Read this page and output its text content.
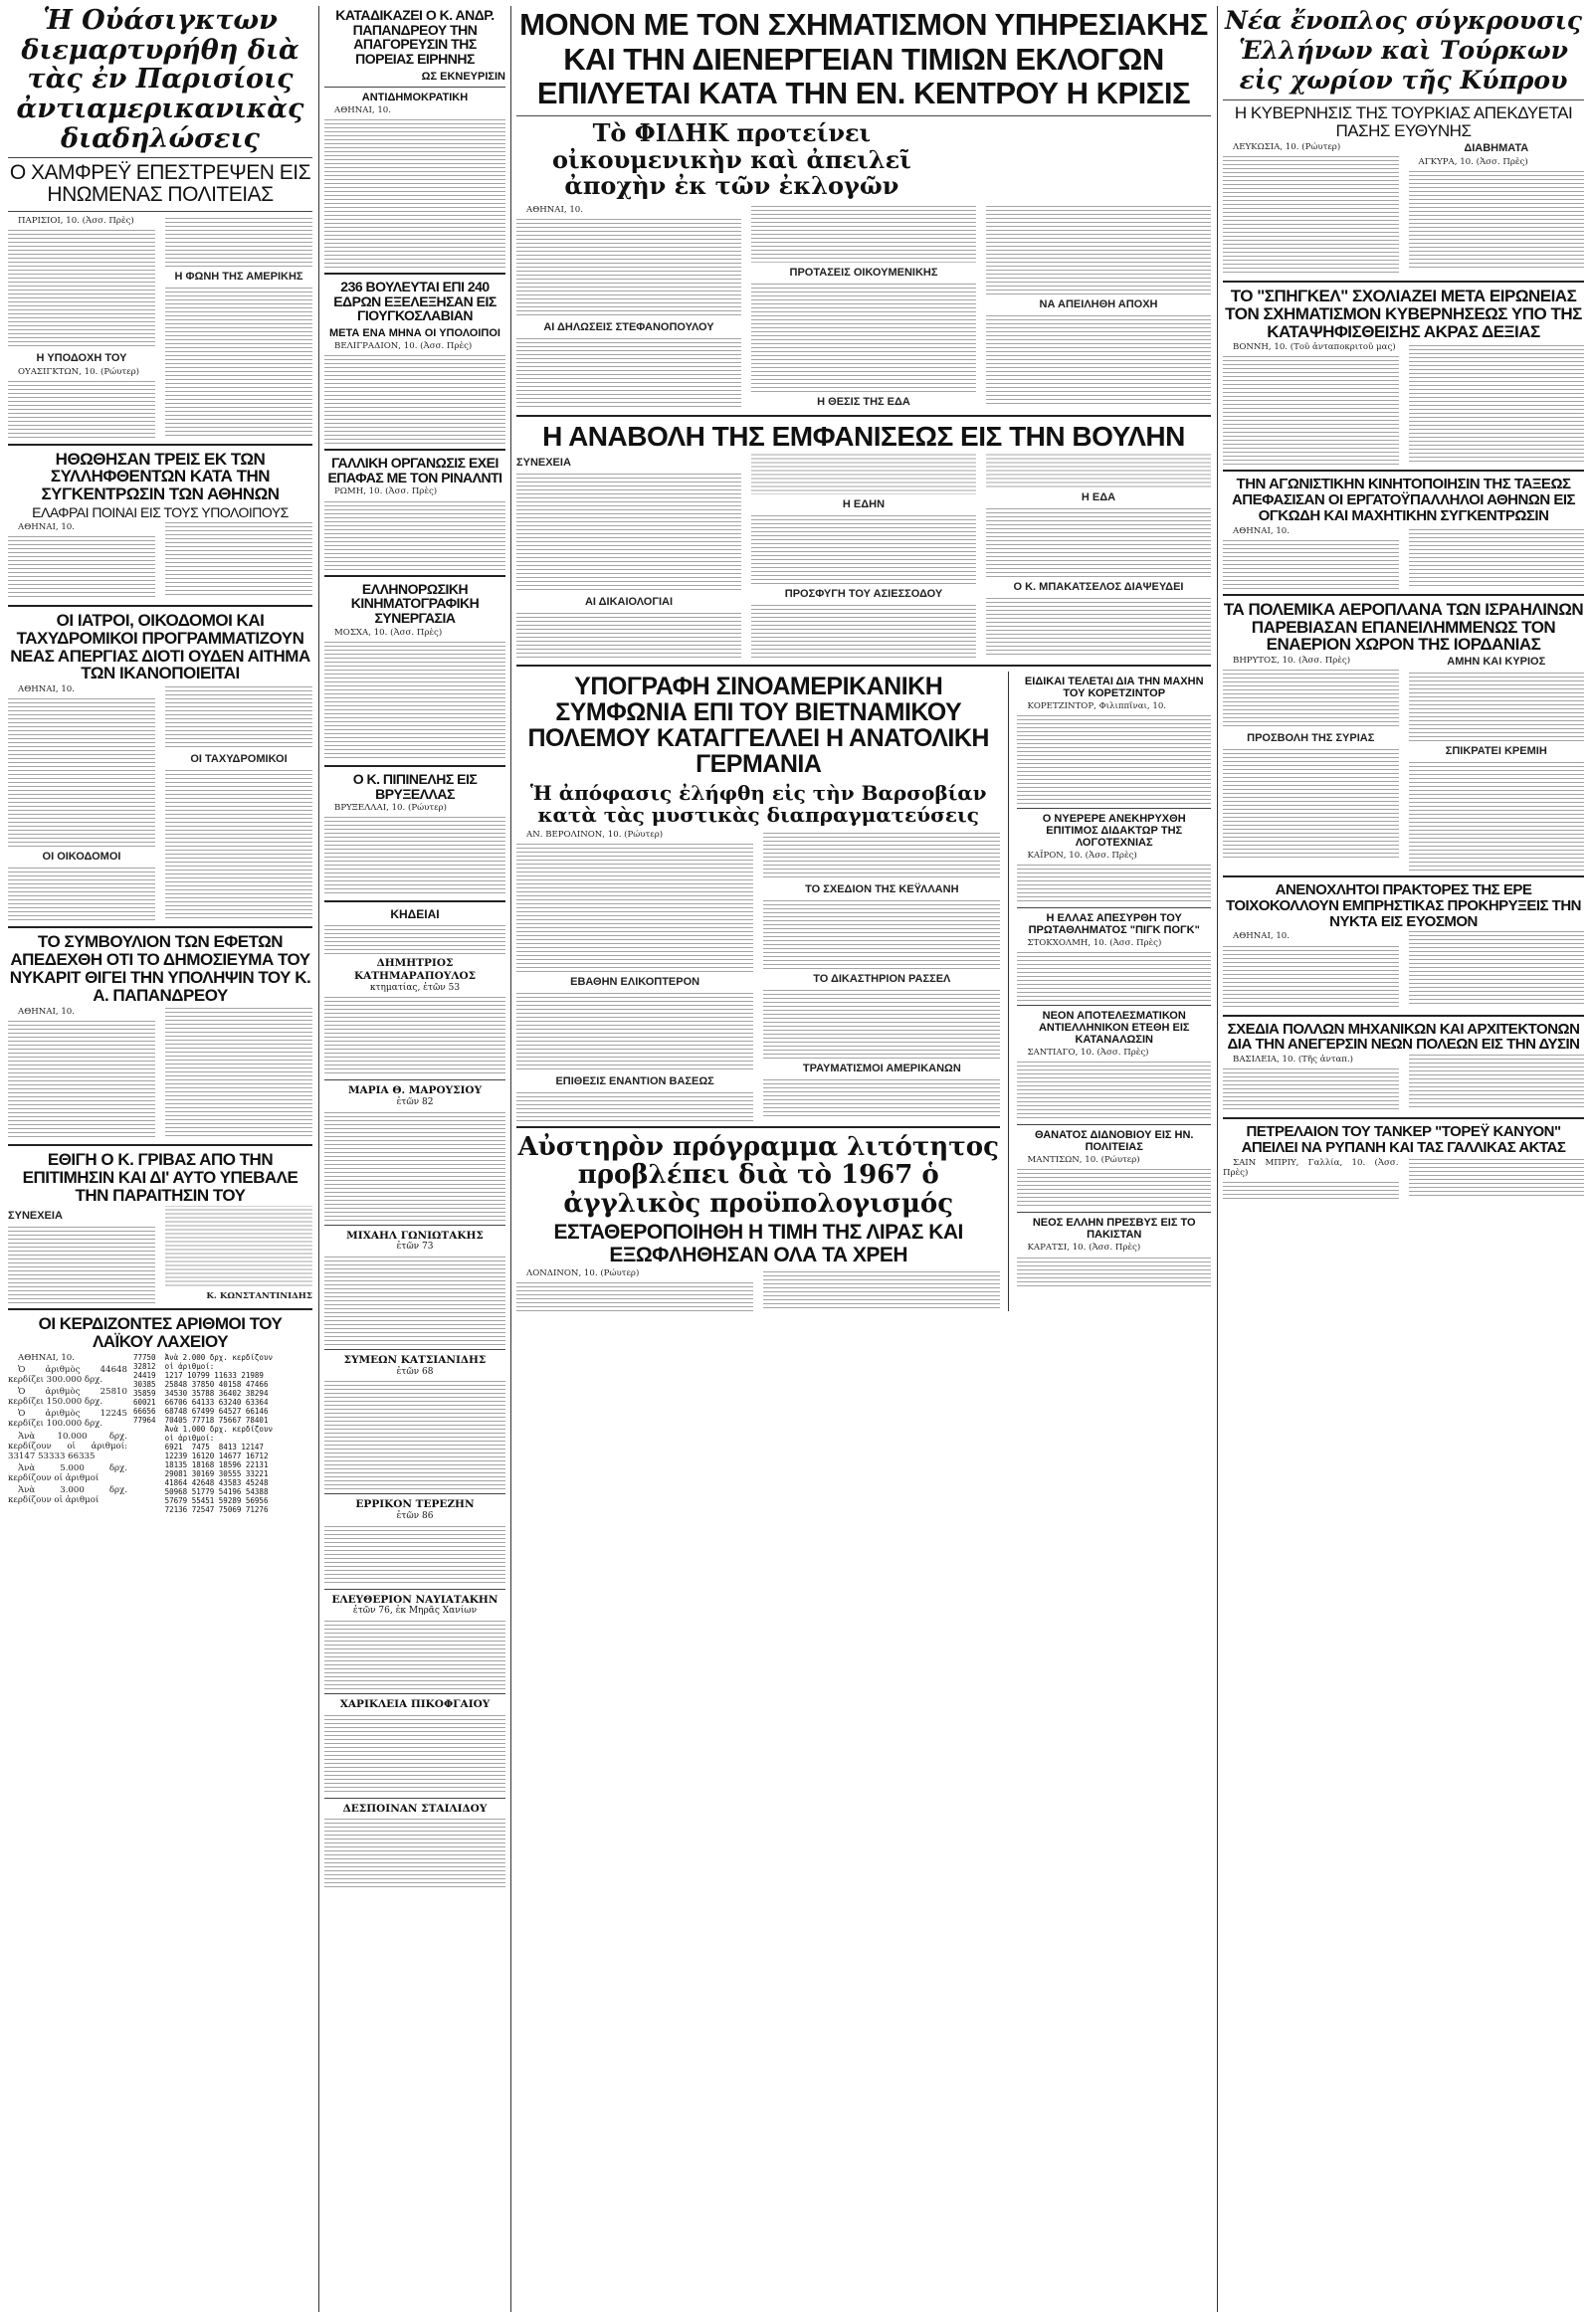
Ἡ Οὐάσιγκτων διεμαρτυρήθη διὰ τὰς ἐν Παρισίοις ἀντιαμερικανικὰς διαδηλώσεις
Ο ΧΑΜΦΡΕΫ ΕΠΕΣΤΡΕΨΕΝ ΕΙΣ ΗΝΩΜΕΝΑΣ ΠΟΛΙΤΕΙΑΣ

ΠΑΡΙΣΙΟΙ, 10. (Ἀσσ. Πρὲς)

Η ΥΠΟΔΟΧΗ ΤΟΥ

ΟΥΑΣΙΓΚΤΩΝ, 10. (Ρώυτερ)

Η ΦΩΝΗ ΤΗΣ ΑΜΕΡΙΚΗΣ
ΗΘΩΘΗΣΑΝ ΤΡΕΙΣ ΕΚ ΤΩΝ ΣΥΛΛΗΦΘΕΝΤΩΝ ΚΑΤΑ ΤΗΝ ΣΥΓΚΕΝΤΡΩΣΙΝ ΤΩΝ ΑΘΗΝΩΝ
ΕΛΑΦΡΑΙ ΠΟΙΝΑΙ ΕΙΣ ΤΟΥΣ ΥΠΟΛΟΙΠΟΥΣ

ΑΘΗΝΑΙ, 10.

ΟΙ ΙΑΤΡΟΙ, ΟΙΚΟΔΟΜΟΙ ΚΑΙ ΤΑΧΥΔΡΟΜΙΚΟΙ ΠΡΟΓΡΑΜΜΑΤΙΖΟΥΝ ΝΕΑΣ ΑΠΕΡΓΙΑΣ ΔΙΟΤΙ ΟΥΔΕΝ ΑΙΤΗΜΑ ΤΩΝ ΙΚΑΝΟΠΟΙΕΙΤΑΙ

ΑΘΗΝΑΙ, 10.

ΟΙ ΟΙΚΟΔΟΜΟΙ
ΟΙ ΤΑΧΥΔΡΟΜΙΚΟΙ
ΤΟ ΣΥΜΒΟΥΛΙΟΝ ΤΩΝ ΕΦΕΤΩΝ ΑΠΕΔΕΧΘΗ ΟΤΙ ΤΟ ΔΗΜΟΣΙΕΥΜΑ ΤΟΥ ΝΥΚΑΡΙΤ ΘΙΓΕΙ ΤΗΝ ΥΠΟΛΗΨΙΝ ΤΟΥ Κ. Α. ΠΑΠΑΝΔΡΕΟΥ

ΑΘΗΝΑΙ, 10.

ΕΘΙΓΗ Ο Κ. ΓΡΙΒΑΣ ΑΠΟ ΤΗΝ ΕΠΙΤΙΜΗΣΙΝ ΚΑΙ ΔΙ' ΑΥΤΟ ΥΠΕΒΑΛΕ ΤΗΝ ΠΑΡΑΙΤΗΣΙΝ ΤΟΥ
ΣΥΝΕΧΕΙΑ

Κ. ΚΩΝΣΤΑΝΤΙΝΙΔΗΣ

ΟΙ ΚΕΡΔΙΖΟΝΤΕΣ ΑΡΙΘΜΟΙ ΤΟΥ ΛΑΪΚΟΥ ΛΑΧΕΙΟΥ

ΑΘΗΝΑΙ, 10.

Ὁ ἀριθμὸς 44648 κερδίζει 300.000 δρχ.

Ὁ ἀριθμὸς 25810 κερδίζει 150.000 δρχ.

Ὁ ἀριθμὸς 12245 κερδίζει 100.000 δρχ.

Ἀνὰ 10.000 δρχ. κερδίζουν οἱ ἀριθμοί: 33147 53333 66335

Ἀνὰ 5.000 δρχ. κερδίζουν οἱ ἀριθμοί

Ἀνὰ 3.000 δρχ. κερδίζουν οἱ ἀριθμοί

77750  Ἀνὰ 2.000 δρχ. κερδίζουν
32812  οἱ ἀριθμοί:
24419  1217 10799 11633 21989
30385  25848 37850 40158 47466
35859  34530 35788 36402 38294
60021  66706 64133 63240 63364
66656  68748 67499 64527 66146
77964  70405 77718 75667 78401
Ἀνὰ 1.000 δρχ. κερδίζουν
οἱ ἀριθμοί:
6921  7475  8413 12147
12239 16120 14677 16712
18135 18168 18596 22131
29081 30169 30555 33221
41864 42648 43583 45248
50968 51779 54196 54388
57679 55451 59289 56956
72136 72547 75069 71276
ΚΑΤΑΔΙΚΑΖΕΙ Ο Κ. ΑΝΔΡ. ΠΑΠΑΝΔΡΕΟΥ ΤΗΝ ΑΠΑΓΟΡΕΥΣΙΝ ΤΗΣ ΠΟΡΕΙΑΣ ΕΙΡΗΝΗΣ
ΩΣ ΕΚΝΕΥΡΙΣΙΝ
ΑΝΤΙΔΗΜΟΚΡΑΤΙΚΗ

ΑΘΗΝΑΙ, 10.

236 ΒΟΥΛΕΥΤΑΙ ΕΠΙ 240 ΕΔΡΩΝ ΕΞΕΛΕΞΗΣΑΝ ΕΙΣ ΓΙΟΥΓΚΟΣΛΑΒΙΑΝ
ΜΕΤΑ ΕΝΑ ΜΗΝΑ ΟΙ ΥΠΟΛΟΙΠΟΙ

ΒΕΛΙΓΡΑΔΙΟΝ, 10. (Ἀσσ. Πρὲς)

ΓΑΛΛΙΚΗ ΟΡΓΑΝΩΣΙΣ ΕΧΕΙ ΕΠΑΦΑΣ ΜΕ ΤΟΝ ΡΙΝΑΛΝΤΙ

ΡΩΜΗ, 10. (Ἀσσ. Πρὲς)

ΕΛΛΗΝΟΡΩΣΙΚΗ ΚΙΝΗΜΑΤΟΓΡΑΦΙΚΗ ΣΥΝΕΡΓΑΣΙΑ

ΜΟΣΧΑ, 10. (Ἀσσ. Πρὲς)

Ο Κ. ΠΙΠΙΝΕΛΗΣ ΕΙΣ ΒΡΥΞΕΛΛΑΣ

ΒΡΥΞΕΛΛΑΙ, 10. (Ρώυτερ)

ΚΗΔΕΙΑΙ
ΔΗΜΗΤΡΙΟΣ ΚΑΤΗΜΑΡΑΠΟΥΛΟΣ
κτηματίας, ἐτῶν 53
ΜΑΡΙΑ Θ. ΜΑΡΟΥΣΙΟΥ
ἐτῶν 82
ΜΙΧΑΗΛ ΓΩΝΙΩΤΑΚΗΣ
ἐτῶν 73
ΣΥΜΕΩΝ ΚΑΤΣΙΑΝΙΔΗΣ
ἐτῶν 68
ΕΡΡΙΚΟΝ ΤΕΡΕΖΗΝ
ἐτῶν 86
ΕΛΕΥΘΕΡΙΟΝ ΝΑΥΙΑΤΑΚΗΝ
ἐτῶν 76, ἐκ Μηρᾶς Χανίων
ΧΑΡΙΚΛΕΙΑ ΠΙΚΟΦΓΑΙΟΥ
ΔΕΣΠΟΙΝΑΝ ΣΤΑΙΛΙΔΟΥ
ΜΟΝΟΝ ΜΕ ΤΟΝ ΣΧΗΜΑΤΙΣΜΟΝ ΥΠΗΡΕΣΙΑΚΗΣ ΚΑΙ ΤΗΝ ΔΙΕΝΕΡΓΕΙΑΝ ΤΙΜΙΩΝ ΕΚΛΟΓΩΝ ΕΠΙΛΥΕΤΑΙ ΚΑΤΑ ΤΗΝ ΕΝ. ΚΕΝΤΡΟΥ Η ΚΡΙΣΙΣ
Τὸ ΦΙΔΗΚ προτείνει οἰκουμενικὴν καὶ ἀπειλεῖ ἀποχὴν ἐκ τῶν ἐκλογῶν

ΑΘΗΝΑΙ, 10.

ΑΙ ΔΗΛΩΣΕΙΣ ΣΤΕΦΑΝΟΠΟΥΛΟΥ
ΠΡΟΤΑΣΕΙΣ ΟΙΚΟΥΜΕΝΙΚΗΣ
Η ΘΕΣΙΣ ΤΗΣ ΕΔΑ
ΝΑ ΑΠΕΙΛΗΘΗ ΑΠΟΧΗ
Η ΑΝΑΒΟΛΗ ΤΗΣ ΕΜΦΑΝΙΣΕΩΣ ΕΙΣ ΤΗΝ ΒΟΥΛΗΝ
ΣΥΝΕΧΕΙΑ
ΑΙ ΔΙΚΑΙΟΛΟΓΙΑΙ
Η ΕΔΗΝ
ΠΡΟΣΦΥΓΗ ΤΟΥ ΑΣΙΕΣΣΟΔΟΥ
Η ΕΔΑ
Ο Κ. ΜΠΑΚΑΤΣΕΛΟΣ ΔΙΑΨΕΥΔΕΙ
ΥΠΟΓΡΑΦΗ ΣΙΝΟΑΜΕΡΙΚΑΝΙΚΗ ΣΥΜΦΩΝΙΑ ΕΠΙ ΤΟΥ ΒΙΕΤΝΑΜΙΚΟΥ ΠΟΛΕΜΟΥ ΚΑΤΑΓΓΕΛΛΕΙ Η ΑΝΑΤΟΛΙΚΗ ΓΕΡΜΑΝΙΑ
Ἡ ἀπόφασις ἐλήφθη εἰς τὴν Βαρσοβίαν κατὰ τὰς μυστικὰς διαπραγματεύσεις

ΑΝ. ΒΕΡΟΛΙΝΟΝ, 10. (Ρώυτερ)

ΕΒΑΘΗΝ ΕΛΙΚΟΠΤΕΡΟΝ
ΕΠΙΘΕΣΙΣ ΕΝΑΝΤΙΟΝ ΒΑΣΕΩΣ
ΤΟ ΣΧΕΔΙΟΝ ΤΗΣ ΚΕΫΛΛΑΝΗ
ΤΟ ΔΙΚΑΣΤΗΡΙΟΝ ΡΑΣΣΕΛ
ΤΡΑΥΜΑΤΙΣΜΟΙ ΑΜΕΡΙΚΑΝΩΝ
Αὐστηρὸν πρόγραμμα λιτότητος προβλέπει διὰ τὸ 1967 ὁ ἀγγλικὸς προϋπολογισμός
ΕΣΤΑΘΕΡΟΠΟΙΗΘΗ Η ΤΙΜΗ ΤΗΣ ΛΙΡΑΣ ΚΑΙ ΕΞΩΦΛΗΘΗΣΑΝ ΟΛΑ ΤΑ ΧΡΕΗ

ΛΟΝΔΙΝΟΝ, 10. (Ρώυτερ)

ΕΙΔΙΚΑΙ ΤΕΛΕΤΑΙ ΔΙΑ ΤΗΝ ΜΑΧΗΝ ΤΟΥ ΚΟΡΕΤΖΙΝΤΟΡ

ΚΟΡΕΤΖΙΝΤΟΡ, Φιλιππῖναι, 10.

Ο ΝΥΕΡΕΡΕ ΑΝΕΚΗΡΥΧΘΗ ΕΠΙΤΙΜΟΣ ΔΙΔΑΚΤΩΡ ΤΗΣ ΛΟΓΟΤΕΧΝΙΑΣ

ΚΑΪΡΟΝ, 10. (Ἀσσ. Πρὲς)

Η ΕΛΛΑΣ ΑΠΕΣΥΡΘΗ ΤΟΥ ΠΡΩΤΑΘΛΗΜΑΤΟΣ "ΠΙΓΚ ΠΟΓΚ"

ΣΤΟΚΧΟΛΜΗ, 10. (Ἀσσ. Πρὲς)

ΝΕΟΝ ΑΠΟΤΕΛΕΣΜΑΤΙΚΟΝ ΑΝΤΙΕΛΛΗΝΙΚΟΝ ΕΤΕΘΗ ΕΙΣ ΚΑΤΑΝΑΛΩΣΙΝ

ΣΑΝΤΙΑΓΟ, 10. (Ἀσσ. Πρὲς)

ΘΑΝΑΤΟΣ ΔΙΔΝΟΒΙΟΥ ΕΙΣ ΗΝ. ΠΟΛΙΤΕΙΑΣ

ΜΑΝΤΙΣΩΝ, 10. (Ρώυτερ)

ΝΕΟΣ ΕΛΛΗΝ ΠΡΕΣΒΥΣ ΕΙΣ ΤΟ ΠΑΚΙΣΤΑΝ

ΚΑΡΑΤΣΙ, 10. (Ἀσσ. Πρὲς)

Νέα ἔνοπλος σύγκρουσις Ἑλλήνων καὶ Τούρκων εἰς χωρίον τῆς Κύπρου
Η ΚΥΒΕΡΝΗΣΙΣ ΤΗΣ ΤΟΥΡΚΙΑΣ ΑΠΕΚΔΥΕΤΑΙ ΠΑΣΗΣ ΕΥΘΥΝΗΣ

ΛΕΥΚΩΣΙΑ, 10. (Ρώυτερ)	ΔΙΑΒΗΜΑΤΑ

ΑΓΚΥΡΑ, 10. (Ἀσσ. Πρὲς)

ΤΟ "ΣΠΗΓΚΕΛ" ΣΧΟΛΙΑΖΕΙ ΜΕΤΑ ΕΙΡΩΝΕΙΑΣ ΤΟΝ ΣΧΗΜΑΤΙΣΜΟΝ ΚΥΒΕΡΝΗΣΕΩΣ ΥΠΟ ΤΗΣ ΚΑΤΑΨΗΦΙΣΘΕΙΣΗΣ ΑΚΡΑΣ ΔΕΞΙΑΣ

ΒΟΝΝΗ, 10. (Τοῦ ἀνταποκριτοῦ μας)

ΤΗΝ ΑΓΩΝΙΣΤΙΚΗΝ ΚΙΝΗΤΟΠΟΙΗΣΙΝ ΤΗΣ ΤΑΞΕΩΣ ΑΠΕΦΑΣΙΣΑΝ ΟΙ ΕΡΓΑΤΟΫΠΑΛΛΗΛΟΙ ΑΘΗΝΩΝ ΕΙΣ ΟΓΚΩΔΗ ΚΑΙ ΜΑΧΗΤΙΚΗΝ ΣΥΓΚΕΝΤΡΩΣΙΝ

ΑΘΗΝΑΙ, 10.

ΤΑ ΠΟΛΕΜΙΚΑ ΑΕΡΟΠΛΑΝΑ ΤΩΝ ΙΣΡΑΗΛΙΝΩΝ ΠΑΡΕΒΙΑΣΑΝ ΕΠΑΝΕΙΛΗΜΜΕΝΩΣ ΤΟΝ ΕΝΑΕΡΙΟΝ ΧΩΡΟΝ ΤΗΣ ΙΟΡΔΑΝΙΑΣ

ΒΗΡΥΤΟΣ, 10. (Ἀσσ. Πρὲς)

ΠΡΟΣΒΟΛΗ ΤΗΣ ΣΥΡΙΑΣ
ΑΜΗΝ ΚΑΙ ΚΥΡΙΟΣ
ΣΠΙΚΡΑΤΕΙ ΚΡΕΜΙΗ
ΑΝΕΝΟΧΛΗΤΟΙ ΠΡΑΚΤΟΡΕΣ ΤΗΣ ΕΡΕ ΤΟΙΧΟΚΟΛΛΟΥΝ ΕΜΠΡΗΣΤΙΚΑΣ ΠΡΟΚΗΡΥΞΕΙΣ ΤΗΝ ΝΥΚΤΑ ΕΙΣ ΕΥΟΣΜΟΝ

ΑΘΗΝΑΙ, 10.

ΣΧΕΔΙΑ ΠΟΛΛΩΝ ΜΗΧΑΝΙΚΩΝ ΚΑΙ ΑΡΧΙΤΕΚΤΟΝΩΝ ΔΙΑ ΤΗΝ ΑΝΕΓΕΡΣΙΝ ΝΕΩΝ ΠΟΛΕΩΝ ΕΙΣ ΤΗΝ ΔΥΣΙΝ

ΒΑΣΙΛΕΙΑ, 10. (Τῆς ἀνταπ.)

ΠΕΤΡΕΛΑΙΟΝ ΤΟΥ ΤΑΝΚΕΡ "ΤΟΡΕΫ ΚΑΝΥΟΝ" ΑΠΕΙΛΕΙ ΝΑ ΡΥΠΑΝΗ ΚΑΙ ΤΑΣ ΓΑΛΛΙΚΑΣ ΑΚΤΑΣ

ΣΑΙΝ ΜΠΡΙΥ, Γαλλία, 10. (Ἀσσ. Πρὲς)
